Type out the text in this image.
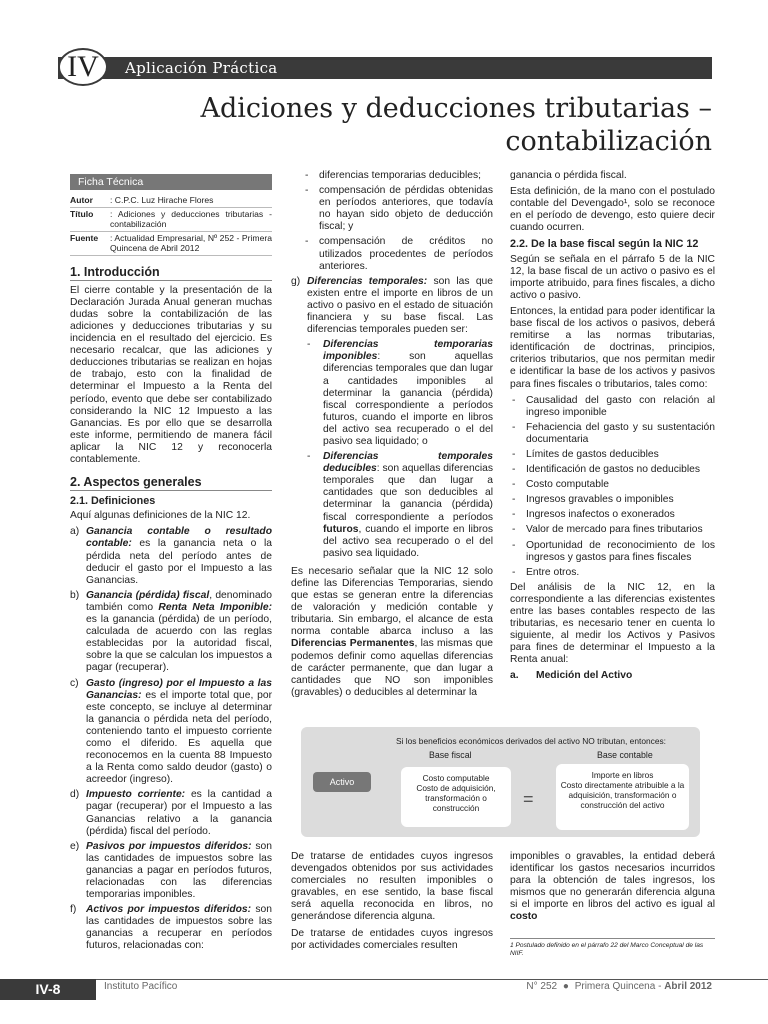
IV	Aplicación Práctica
Adiciones y deducciones tributarias –
contabilización
Ficha Técnica
Autor	: C.P.C. Luz Hirache Flores
Título	: Adiciones y deducciones tributarias - contabilización
Fuente	: Actualidad Empresarial, Nº 252 - Primera Quincena de Abril 2012
1. Introducción

El cierre contable y la presentación de la Declaración Jurada Anual generan muchas dudas sobre la contabilización de las adiciones y deducciones tributarias y su incidencia en el resultado del ejercicio. Es necesario recalcar, que las adiciones y deducciones tributarias se realizan en hojas de trabajo, esto con la finalidad de determinar el Impuesto a la Renta del período, evento que debe ser contabilizado considerando la NIC 12 Impuesto a las Ganancias. Es por ello que se desarrolla este informe, permitiendo de manera fácil aplicar la NIC 12 y reconocerla contablemente.

2. Aspectos generales
2.1. Definiciones

Aquí algunas definiciones de la NIC 12.

a) Ganancia contable o resultado contable: es la ganancia neta o la pérdida neta del período antes de deducir el gasto por el Impuesto a las Ganancias.
b) Ganancia (pérdida) fiscal, denominado también como Renta Neta Imponible: es la ganancia (pérdida) de un período, calculada de acuerdo con las reglas establecidas por la autoridad fiscal, sobre la que se calculan los impuestos a pagar (recuperar).
c) Gasto (ingreso) por el Impuesto a las Ganancias: es el importe total que, por este concepto, se incluye al determinar la ganancia o pérdida neta del período, conteniendo tanto el impuesto corriente como el diferido. Es aquella que reconocemos en la cuenta 88 Impuesto a la Renta como saldo deudor (gasto) o acreedor (ingreso).
d) Impuesto corriente: es la cantidad a pagar (recuperar) por el Impuesto a las Ganancias relativo a la ganancia (pérdida) fiscal del período.
e) Pasivos por impuestos diferidos: son las cantidades de impuestos sobre las ganancias a pagar en períodos futuros, relacionadas con las diferencias temporarias imponibles.
f) Activos por impuestos diferidos: son las cantidades de impuestos sobre las ganancias a recuperar en períodos futuros, relacionadas con:
-	diferencias temporarias deducibles;
-	compensación de pérdidas obtenidas en períodos anteriores, que todavía no hayan sido objeto de deducción fiscal; y
-	compensación de créditos no utilizados procedentes de períodos anteriores.
g) Diferencias temporales: son las que existen entre el importe en libros de un activo o pasivo en el estado de situación financiera y su base fiscal. Las diferencias temporales pueden ser:
-	Diferencias temporarias imponibles: son aquellas diferencias temporales que dan lugar a cantidades imponibles al determinar la ganancia (pérdida) fiscal correspondiente a períodos futuros, cuando el importe en libros del activo sea recuperado o el del pasivo sea liquidado; o
-	Diferencias temporales deducibles: son aquellas diferencias temporales que dan lugar a cantidades que son deducibles al determinar la ganancia (pérdida) fiscal correspondiente a períodos futuros, cuando el importe en libros del activo sea recuperado o el del pasivo sea liquidado.

Es necesario señalar que la NIC 12 solo define las Diferencias Temporarias, siendo que estas se generan entre la diferencias de valoración y medición contable y tributaria. Sin embargo, el alcance de esta norma contable abarca incluso a las Diferencias Permanentes, las mismas que podemos definir como aquellas diferencias de carácter permanente, que dan lugar a cantidades que NO son imponibles (gravables) o deducibles al determinar la

ganancia o pérdida fiscal.

Esta definición, de la mano con el postulado contable del Devengado¹, solo se reconoce en el período de devengo, esto quiere decir cuando ocurren.

2.2. De la base fiscal según la NIC 12

Según se señala en el párrafo 5 de la NIC 12, la base fiscal de un activo o pasivo es el importe atribuido, para fines fiscales, a dicho activo o pasivo.

Entonces, la entidad para poder identificar la base fiscal de los activos o pasivos, deberá remitirse a las normas tributarias, identificación de doctrinas, principios, criterios tributarios, que nos permitan medir e identificar la base de los activos y pasivos para fines fiscales o tributarios, tales como:

-	Causalidad del gasto con relación al ingreso imponible
-	Fehaciencia del gasto y su sustentación documentaria
-	Límites de gastos deducibles
-	Identificación de gastos no deducibles
-	Costo computable
-	Ingresos gravables o imponibles
-	Ingresos inafectos o exonerados
-	Valor de mercado para fines tributarios
-	Oportunidad de reconocimiento de los ingresos y gastos para fines fiscales
-	Entre otros.

Del análisis de la NIC 12, en la correspondiente a las diferencias existentes entre las bases contables respecto de las tributarias, es necesario tener en cuenta lo siguiente, al medir los Activos y Pasivos para fines de determinar el Impuesto a la Renta anual:

a.	Medición del Activo
Si los beneficios económicos derivados del activo NO tributan, entonces:
Base fiscal	Base contable
Activo	Costo computable
Costo de adquisición, transformación o construcción	=
Importe en libros
Costo directamente atribuible a la adquisición, transformación o construcción del activo

De tratarse de entidades cuyos ingresos devengados obtenidos por sus actividades comerciales no resulten imponibles o gravables, en ese sentido, la base fiscal será aquella reconocida en libros, no generándose diferencia alguna.

De tratarse de entidades cuyos ingresos por actividades comerciales resulten

imponibles o gravables, la entidad deberá identificar los gastos necesarios incurridos para la obtención de tales ingresos, los mismos que no generarán diferencia alguna si el importe en libros del activo es igual al costo

1 Postulado definido en el párrafo 22 del Marco Conceptual de las NIIF.
IV-8	Instituto Pacífico	N° 252 ● Primera Quincena - Abril 2012
